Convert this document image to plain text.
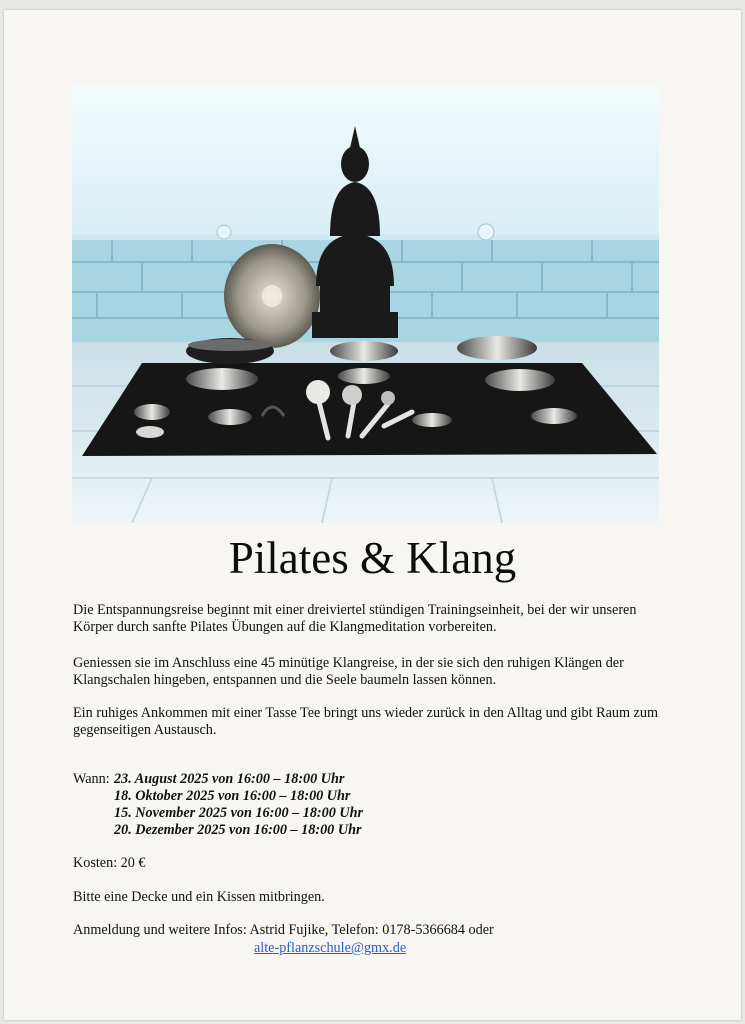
Pilates & Klang

Die Entspannungsreise beginnt mit einer dreiviertel stündigen Trainingseinheit, bei der wir unseren Körper durch sanfte Pilates Übungen auf die Klangmeditation vorbereiten.

Geniessen sie im Anschluss eine 45 minütige Klangreise, in der sie sich den ruhigen Klängen der Klangschalen hingeben, entspannen und die Seele baumeln lassen können.

Ein ruhiges Ankommen mit einer Tasse Tee bringt uns wieder zurück in den Alltag und gibt Raum zum gegenseitigen Austausch.

Wann: 23. August 2025 von 16:00 – 18:00 Uhr
18. Oktober 2025 von 16:00 – 18:00 Uhr
15. November 2025 von 16:00 – 18:00 Uhr
20. Dezember 2025 von 16:00 – 18:00 Uhr
Kosten: 20 €
Bitte eine Decke und ein Kissen mitbringen.
Anmeldung und weitere Infos: Astrid Fujike, Telefon: 0178-5366684 oder
alte-pflanzschule@gmx.de
